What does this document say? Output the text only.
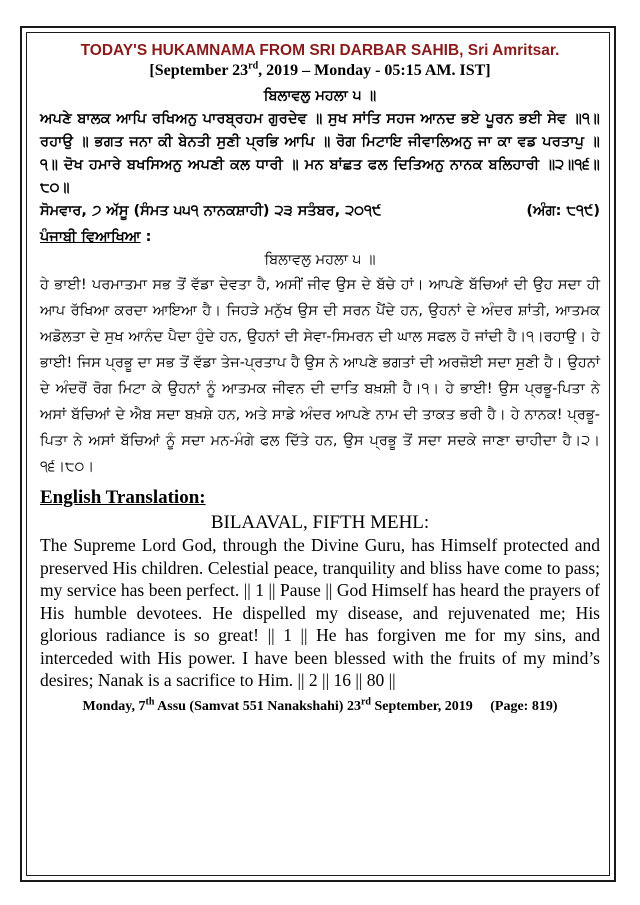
TODAY'S HUKAMNAMA FROM SRI DARBAR SAHIB, Sri Amritsar.
[September 23rd, 2019 – Monday - 05:15 AM. IST]
ਬਿਲਾਵਲੁ ਮਹਲਾ ੫ ॥

ਅਪਣੇ ਬਾਲਕ ਆਪਿ ਰਖਿਅਨੁ ਪਾਰਬ੍ਰਹਮ ਗੁਰਦੇਵ ॥ ਸੁਖ ਸਾਂਤਿ ਸਹਜ ਆਨਦ ਭਏ ਪੂਰਨ ਭਈ ਸੇਵ ॥੧॥ ਰਹਾਉ ॥ ਭਗਤ ਜਨਾ ਕੀ ਬੇਨਤੀ ਸੁਣੀ ਪ੍ਰਭਿ ਆਪਿ ॥ ਰੋਗ ਮਿਟਾਇ ਜੀਵਾਲਿਅਨੁ ਜਾ ਕਾ ਵਡ ਪਰਤਾਪੁ ॥੧॥ ਦੋਖ ਹਮਾਰੇ ਬਖਸਿਅਨੁ ਅਪਣੀ ਕਲ ਧਾਰੀ ॥ ਮਨ ਬਾਂਛਤ ਫਲ ਦਿਤਿਅਨੁ ਨਾਨਕ ਬਲਿਹਾਰੀ ॥੨॥੧੬॥੮੦॥

ਸੋਮਵਾਰ, ੭ ਅੱਸੂ (ਸੰਮਤ ੫੫੧ ਨਾਨਕਸ਼ਾਹੀ) ੨੩ ਸਤੰਬਰ, ੨੦੧੯	(ਅੰਗ: ੮੧੯)
ਪੰਜਾਬੀ ਵਿਆਖਿਆ :
ਬਿਲਾਵਲੁ ਮਹਲਾ ੫ ॥

ਹੇ ਭਾਈ! ਪਰਮਾਤਮਾ ਸਭ ਤੋਂ ਵੱਡਾ ਦੇਵਤਾ ਹੈ, ਅਸੀਂ ਜੀਵ ਉਸ ਦੇ ਬੱਚੇ ਹਾਂ। ਆਪਣੇ ਬੱਚਿਆਂ ਦੀ ਉਹ ਸਦਾ ਹੀ ਆਪ ਰੱਖਿਆ ਕਰਦਾ ਆਇਆ ਹੈ। ਜਿਹੜੇ ਮਨੁੱਖ ਉਸ ਦੀ ਸਰਨ ਪੈਂਦੇ ਹਨ, ਉਹਨਾਂ ਦੇ ਅੰਦਰ ਸ਼ਾਂਤੀ, ਆਤਮਕ ਅਡੋਲਤਾ ਦੇ ਸੁਖ ਆਨੰਦ ਪੈਦਾ ਹੁੰਦੇ ਹਨ, ਉਹਨਾਂ ਦੀ ਸੇਵਾ-ਸਿਮਰਨ ਦੀ ਘਾਲ ਸਫਲ ਹੋ ਜਾਂਦੀ ਹੈ।੧।ਰਹਾਉ। ਹੇ ਭਾਈ! ਜਿਸ ਪ੍ਰਭੂ ਦਾ ਸਭ ਤੋਂ ਵੱਡਾ ਤੇਜ-ਪ੍ਰਤਾਪ ਹੈ ਉਸ ਨੇ ਆਪਣੇ ਭਗਤਾਂ ਦੀ ਅਰਜ਼ੋਈ ਸਦਾ ਸੁਣੀ ਹੈ। ਉਹਨਾਂ ਦੇ ਅੰਦਰੋਂ ਰੋਗ ਮਿਟਾ ਕੇ ਉਹਨਾਂ ਨੂੰ ਆਤਮਕ ਜੀਵਨ ਦੀ ਦਾਤਿ ਬਖ਼ਸ਼ੀ ਹੈ।੧। ਹੇ ਭਾਈ! ਉਸ ਪ੍ਰਭੂ-ਪਿਤਾ ਨੇ ਅਸਾਂ ਬੱਚਿਆਂ ਦੇ ਐਬ ਸਦਾ ਬਖ਼ਸ਼ੇ ਹਨ, ਅਤੇ ਸਾਡੇ ਅੰਦਰ ਆਪਣੇ ਨਾਮ ਦੀ ਤਾਕਤ ਭਰੀ ਹੈ। ਹੇ ਨਾਨਕ! ਪ੍ਰਭੂ-ਪਿਤਾ ਨੇ ਅਸਾਂ ਬੱਚਿਆਂ ਨੂੰ ਸਦਾ ਮਨ-ਮੰਗੇ ਫਲ ਦਿੱਤੇ ਹਨ, ਉਸ ਪ੍ਰਭੂ ਤੋਂ ਸਦਾ ਸਦਕੇ ਜਾਣਾ ਚਾਹੀਦਾ ਹੈ।੨।੧੬।੮੦।

English Translation:
BILAAVAL, FIFTH MEHL:

The Supreme Lord God, through the Divine Guru, has Himself protected and preserved His children. Celestial peace, tranquility and bliss have come to pass; my service has been perfect. || 1 || Pause || God Himself has heard the prayers of His humble devotees. He dispelled my disease, and rejuvenated me; His glorious radiance is so great! || 1 || He has forgiven me for my sins, and interceded with His power. I have been blessed with the fruits of my mind’s desires; Nanak is a sacrifice to Him. || 2 || 16 || 80 ||

Monday, 7th Assu (Samvat 551 Nanakshahi) 23rd September, 2019 (Page: 819)
